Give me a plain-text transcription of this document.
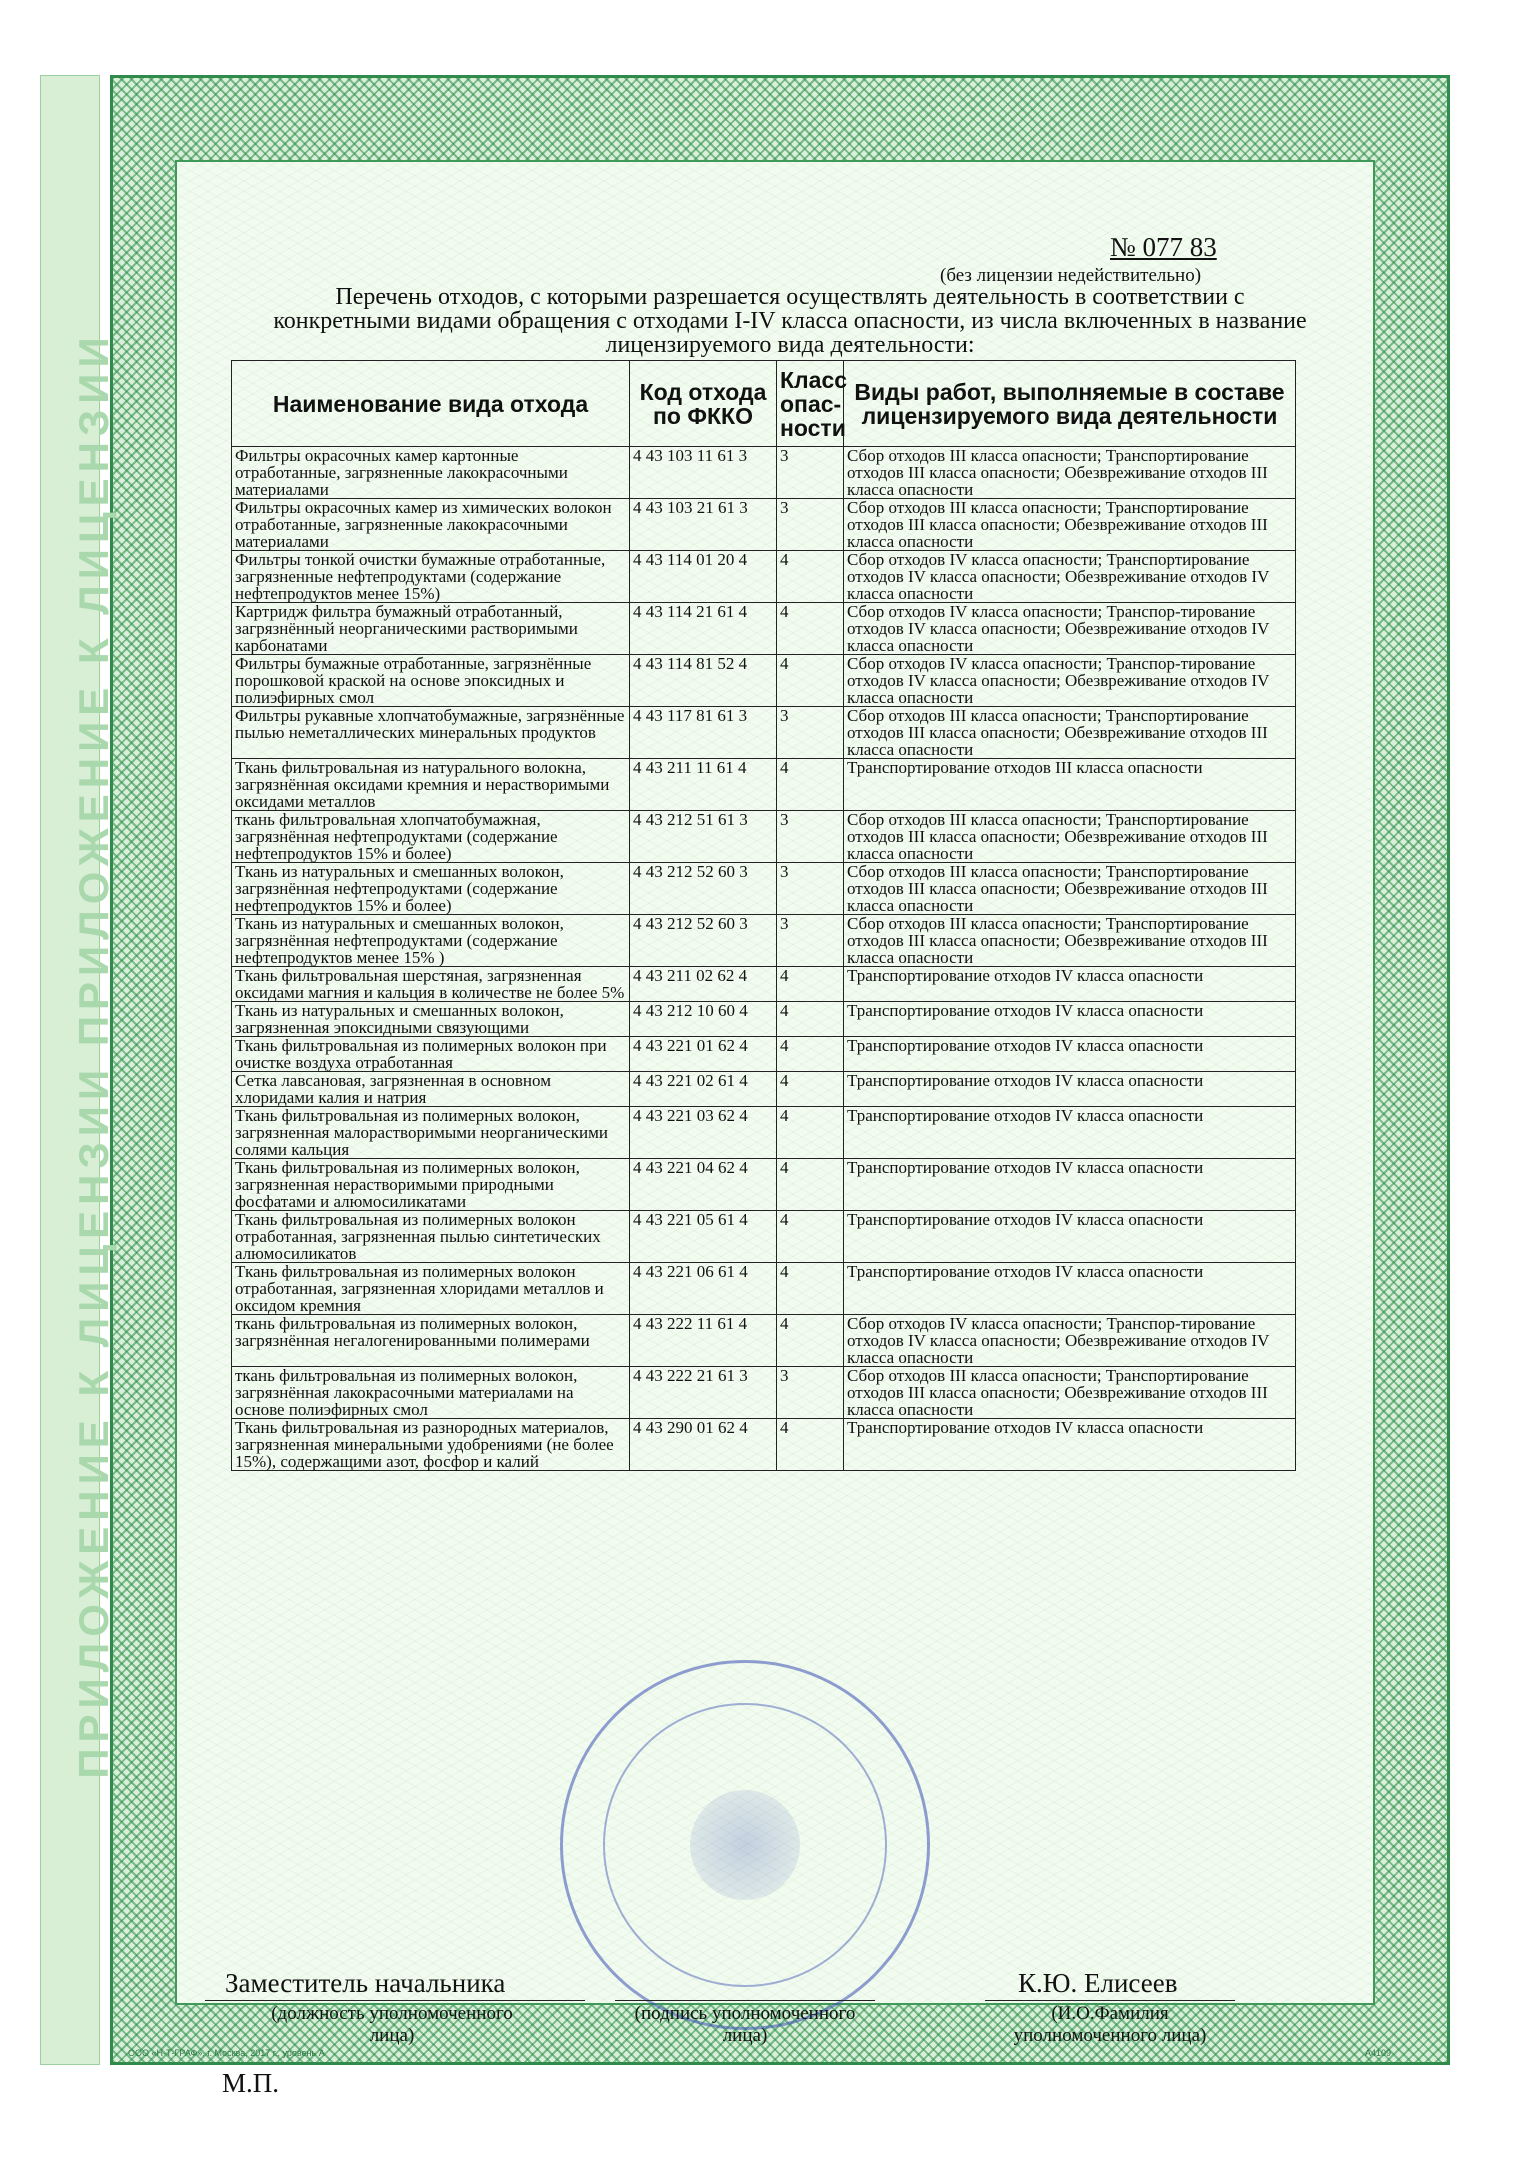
ПРИЛОЖЕНИЕ К ЛИЦЕНЗИИ ПРИЛОЖЕНИЕ К ЛИЦЕНЗИИ
№ 077 83
(без лицензии недействительно)
Перечень отходов, с которыми разрешается осуществлять деятельность в соответствии с конкретными видами обращения с отходами I-IV класса опасности, из числа включенных в название лицензируемого вида деятельности:
Наименование вида отхода	Код отхода по ФККО	Класс опас-ности	Виды работ, выполняемые в составе лицензируемого вида деятельности
Фильтры окрасочных камер картонные отработанные, загрязненные лакокрасочными материалами	4 43 103 11 61 3	3	Сбор отходов III класса опасности; Транспортирование отходов III класса опасности; Обезвреживание отходов III класса опасности
Фильтры окрасочных камер из химических волокон отработанные, загрязненные лакокрасочными материалами	4 43 103 21 61 3	3	Сбор отходов III класса опасности; Транспортирование отходов III класса опасности; Обезвреживание отходов III класса опасности
Фильтры тонкой очистки бумажные отработанные, загрязненные нефтепродуктами (содержание нефтепродуктов менее 15%)	4 43 114 01 20 4	4	Сбор отходов IV класса опасности; Транспортирование отходов IV класса опасности; Обезвреживание отходов IV класса опасности
Картридж фильтра бумажный отработанный, загрязнённый неорганическими растворимыми карбонатами	4 43 114 21 61 4	4	Сбор отходов IV класса опасности; Транспор-тирование отходов IV класса опасности; Обезвреживание отходов IV класса опасности
Фильтры бумажные отработанные, загрязнённые порошковой краской на основе эпоксидных и полиэфирных смол	4 43 114 81 52 4	4	Сбор отходов IV класса опасности; Транспор-тирование отходов IV класса опасности; Обезвреживание отходов IV класса опасности
Фильтры рукавные хлопчатобумажные, загрязнённые пылью неметаллических минеральных продуктов	4 43 117 81 61 3	3	Сбор отходов III класса опасности; Транспортирование отходов III класса опасности; Обезвреживание отходов III класса опасности
Ткань фильтровальная из натурального волокна, загрязнённая оксидами кремния и нерастворимыми оксидами металлов	4 43 211 11 61 4	4	Транспортирование отходов III класса опасности
ткань фильтровальная хлопчатобумажная, загрязнённая нефтепродуктами (содержание нефтепродуктов 15% и более)	4 43 212 51 61 3	3	Сбор отходов III класса опасности; Транспортирование отходов III класса опасности; Обезвреживание отходов III класса опасности
Ткань из натуральных и смешанных волокон, загрязнённая нефтепродуктами (содержание нефтепродуктов 15% и более)	4 43 212 52 60 3	3	Сбор отходов III класса опасности; Транспортирование отходов III класса опасности; Обезвреживание отходов III класса опасности
Ткань из натуральных и смешанных волокон, загрязнённая нефтепродуктами (содержание нефтепродуктов менее 15% )	4 43 212 52 60 3	3	Сбор отходов III класса опасности; Транспортирование отходов III класса опасности; Обезвреживание отходов III класса опасности
Ткань фильтровальная шерстяная, загрязненная оксидами магния и кальция в количестве не более 5%	4 43 211 02 62 4	4	Транспортирование отходов IV класса опасности
Ткань из натуральных и смешанных волокон, загрязненная эпоксидными связующими	4 43 212 10 60 4	4	Транспортирование отходов IV класса опасности
Ткань фильтровальная из полимерных волокон при очистке воздуха отработанная	4 43 221 01 62 4	4	Транспортирование отходов IV класса опасности
Сетка лавсановая, загрязненная в основном хлоридами калия и натрия	4 43 221 02 61 4	4	Транспортирование отходов IV класса опасности
Ткань фильтровальная из полимерных волокон, загрязненная малорастворимыми неорганическими солями кальция	4 43 221 03 62 4	4	Транспортирование отходов IV класса опасности
Ткань фильтровальная из полимерных волокон, загрязненная нерастворимыми природными фосфатами и алюмосиликатами	4 43 221 04 62 4	4	Транспортирование отходов IV класса опасности
Ткань фильтровальная из полимерных волокон отработанная, загрязненная пылью синтетических алюмосиликатов	4 43 221 05 61 4	4	Транспортирование отходов IV класса опасности
Ткань фильтровальная из полимерных волокон отработанная, загрязненная хлоридами металлов и оксидом кремния	4 43 221 06 61 4	4	Транспортирование отходов IV класса опасности
ткань фильтровальная из полимерных волокон, загрязнённая негалогенированными полимерами	4 43 222 11 61 4	4	Сбор отходов IV класса опасности; Транспор-тирование отходов IV класса опасности; Обезвреживание отходов IV класса опасности
ткань фильтровальная из полимерных волокон, загрязнённая лакокрасочными материалами на основе полиэфирных смол	4 43 222 21 61 3	3	Сбор отходов III класса опасности; Транспортирование отходов III класса опасности; Обезвреживание отходов III класса опасности
Ткань фильтровальная из разнородных материалов, загрязненная минеральными удобрениями (не более 15%), содержащими азот, фосфор и калий	4 43 290 01 62 4	4	Транспортирование отходов IV класса опасности
Заместитель начальника	К.Ю. Елисеев
(должность уполномоченного лица)
(подпись уполномоченного лица)
(И.О.Фамилия уполномоченного лица)
ООО «Н-Т-ГРАФ», г. Москва, 2017 г., уровень А	А4109
М.П.
